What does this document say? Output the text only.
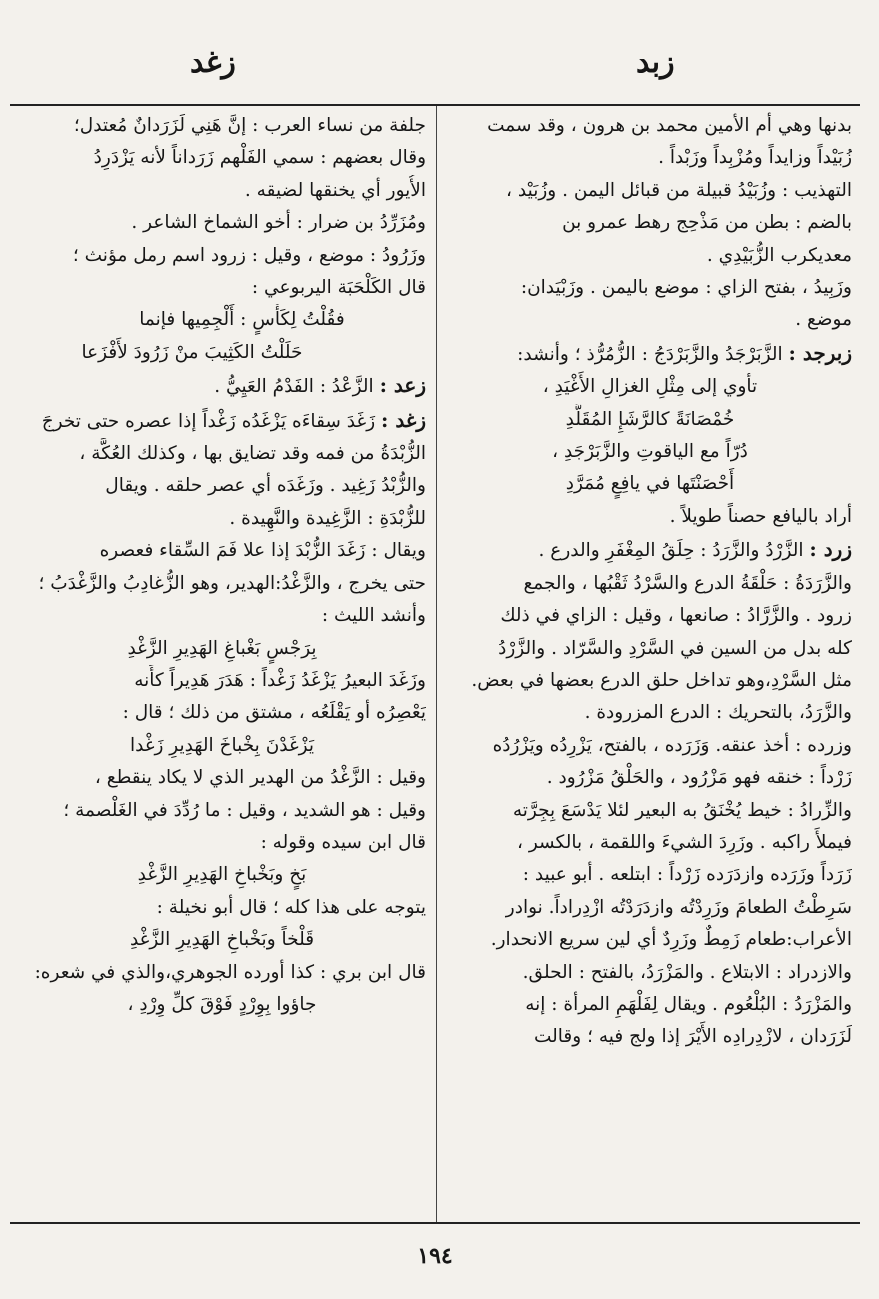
زبد
زغد

بدنها وهي أم الأمين محمد بن هرون ، وقد سمت

زُبَيْداً وزايداً ومُزْبِداً وزَبْداً .

التهذيب : وزُبَيْدُ قبيلة من قبائل اليمن . وزُبَيْد ،

بالضم : بطن من مَذْحِج رهط عمرو بن

معديكرب الزُّبَيْدِي .

وزَبِيدُ ، بفتح الزاي : موضع باليمن . وزَبْيَدان:

موضع .

زبرجد : الزَّبَرْجَدُ والزَّبَرْدَجُ : الزُّمُرُّذ ؛ وأنشد:

تأوي إلى مِثْلِ الغزالِ الأَغْيَدِ ،

خُمْصَانَةً كالرَّشَإِ المُقَلَّدِ

دُرّاً مع الياقوتِ والزَّبَرْجَدِ ،

أَحْصَنْتَها في يافِعٍ مُمَرَّدِ

أراد باليافع حصناً طويلاً .

زرد : الزَّرْدُ والزَّرَدُ : حِلَقُ المِغْفَرِ والدرع .

والزَّرَدَةُ : حَلْقَةُ الدرع والسَّرْدُ ثَقْبُها ، والجمع

زرود . والزَّرَّادُ : صانعها ، وقيل : الزاي في ذلك

كله بدل من السين في السَّرْدِ والسَّرّاد . والزَّرْدُ

مثل السَّرْدِ،وهو تداخل حلق الدرع بعضها في بعض.

والزَّرَدُ، بالتحريك : الدرع المزرودة .

وزرده : أخذ عنقه. وَزَرَده ، بالفتح، يَزْرِدُه ويَزْرُدُه

زَرْداً : خنقه فهو مَزْرُود ، والحَلْقُ مَزْرُود .

والزِّرادُ : خيط يُخْنَقُ به البعير لئلا يَدْسَعَ بِجِرَّته

فيملأَ راكبه . وزَرِدَ الشيءَ واللقمة ، بالكسر ،

زَرَداً وزَرَده وازدَرَده زَرْداً : ابتلعه . أبو عبيد :

سَرِطْتُ الطعامَ وزَرِدْتُه وازدَرَدْتُه ازْدِراداً. نوادر

الأعراب:طعام زَمِطٌ وزَرِدٌ أي لين سريع الانحدار.

والازدراد : الابتلاع . والمَزْرَدُ، بالفتح : الحلق.

والمَزْرَدُ : البُلْعُوم . ويقال لِفَلْهَمِ المرأة : إنه

لَزَرَدان ، لازْدِرادِه الأَيْرَ إذا ولج فيه ؛ وقالت

جلفة من نساء العرب : إنَّ هَنِي لَزَرَدانٌ مُعتدل؛

وقال بعضهم : سمي الفَلْهم زَرَداناً لأنه يَزْدَرِدُ

الأُيور أي يخنقها لضيقه .

ومُزَرِّدُ بن ضرار : أخو الشماخ الشاعر .

وزَرُودُ : موضع ، وقيل : زرود اسم رمل مؤنث ؛

قال الكَلْحَبَة اليربوعي :

فقُلْتُ لِكَأْسٍ : أَلْجِمِيها فإنما

حَلَلْتُ الكَثِيبَ منْ زَرُودَ لأَفْزَعا

زعد : الزَّعْدُ : الفَدْمُ العَيِيُّ .

زغد : زَغَدَ سِقاءَه يَزْغَدُه زَغْداً إذا عصره حتى تخرجَ

الزُّبْدَةُ من فمه وقد تضايق بها ، وكذلك العُكَّة ،

والزُّبْدُ زَغِيد . وزَغَدَه أي عصر حلقه . ويقال

للزُّبْدَةِ : الزَّغِيدة والنَّهِيدة .

ويقال : زَغَدَ الزُّبْدَ إذا علا فَمَ السِّقاء فعصره

حتى يخرج ، والزَّغْدُ:الهدير، وهو الزُّغادِبُ والزَّغْدَبُ ؛

وأنشد الليث :

بِرَجْسٍ بَغْباغِ الهَدِيرِ الزَّغْدِ

وزَغَدَ البعيرُ يَزْغَدُ زَغْداً : هَدَرَ هَدِيراً كأَنه

يَعْصِرُه أو يَقْلَعُه ، مشتق من ذلك ؛ قال :

يَزْغَدْنَ بِخْباخَ الهَدِيرِ زَغْدا

وقيل : الزَّغْدُ من الهدير الذي لا يكاد ينقطع ،

وقيل : هو الشديد ، وقيل : ما رُدِّدَ في الغَلْصمة ؛

قال ابن سيده وقوله :

بَخٍ وبَخْباخِ الهَدِيرِ الزَّغْدِ

يتوجه على هذا كله ؛ قال أبو نخيلة :

قَلْخاً وبَخْباخِ الهَدِيرِ الزَّغْدِ

قال ابن بري : كذا أورده الجوهري،والذي في شعره:

جاؤوا بِوِرْدٍ فَوْقَ كلِّ وِرْدِ ،

١٩٤
